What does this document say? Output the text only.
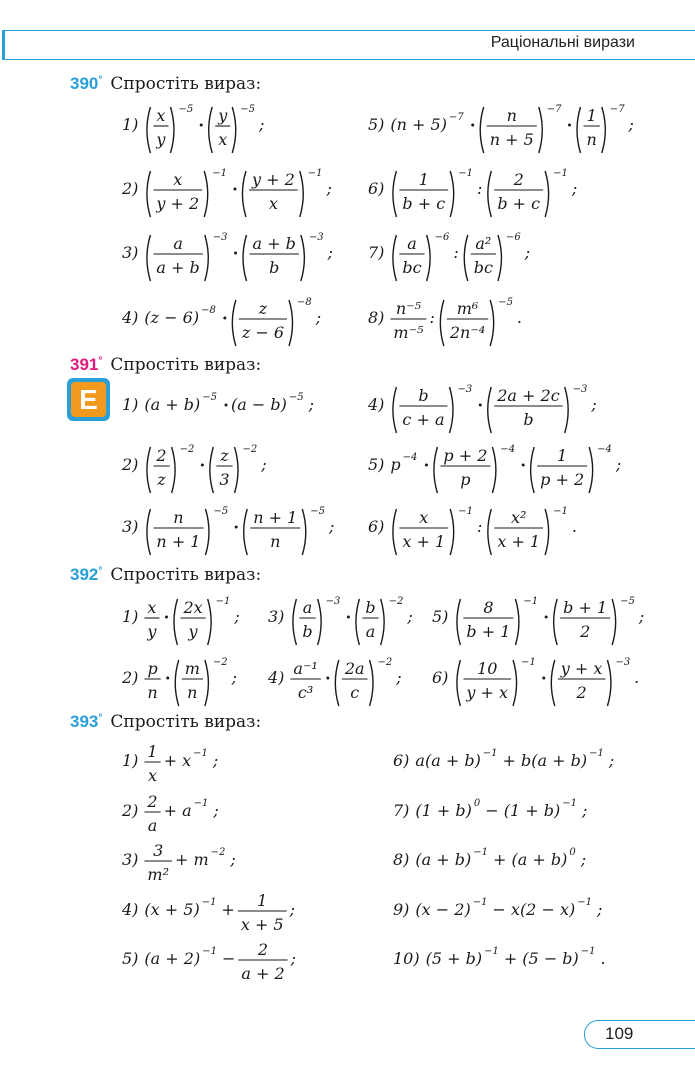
Раціональні вирази
390° Спростіть вираз:
1) x
y
−5 y
x
−5
;	5) (n + 5) −7	n
n + 5
−7 1
n
−7
;
2) x
y + 2
−1 y + 2
x
−1
; 6) 1
b + c
−1
: 2
b + c
−1
;
3) a
a + b
−3 a + b
b
−3
; 7) a
bc
−6
: a²
bc
−6
;
4) (z − 6) −8	z
z − 6
−8
;	8) n⁻⁵
m⁻⁵
: m⁶
2n⁻⁴
−5
.
391° Спростіть вираз:
E	1) (a + b) −5 (a − b) −5 ;	4) b
c + a
−3 2a + 2c
b
−3
;
2) 2
z
−2 z
3
−2
;	5) p −4 p + 2
p
−4	1
p + 2
−4
;
3) n
n + 1
−5 n + 1
n
−5
; 6) x
x + 1
−1
: x²
x + 1
−1
.
392° Спростіть вираз:
1) x
y
2x
y
−1
; 3) a
b
−3 b
a
−2
; 5) 8
b + 1
−1 b + 1
2
−5
;
2) p
n
m
n
−2
; 4) a⁻¹
c³
2a
c
−2
; 6) 10
y + x
−1 y + x
2
−3
.
393° Спростіть вираз:
1) 1
x
+ x −1 ;	6) a(a + b) −1 + b(a + b) −1 ;
2) 2
a
+ a −1 ;	7) (1 + b) 0 − (1 + b) −1 ;
3) 3
m²
+ m −2 ;	8) (a + b) −1 + (a + b) 0 ;
4) (x + 5) −1 + 1
x + 5
;	9) (x − 2) −1 − x(2 − x) −1 ;
5) (a + 2) −1 − 2
a + 2
;	10) (5 + b) −1 + (5 − b) −1 .
109
